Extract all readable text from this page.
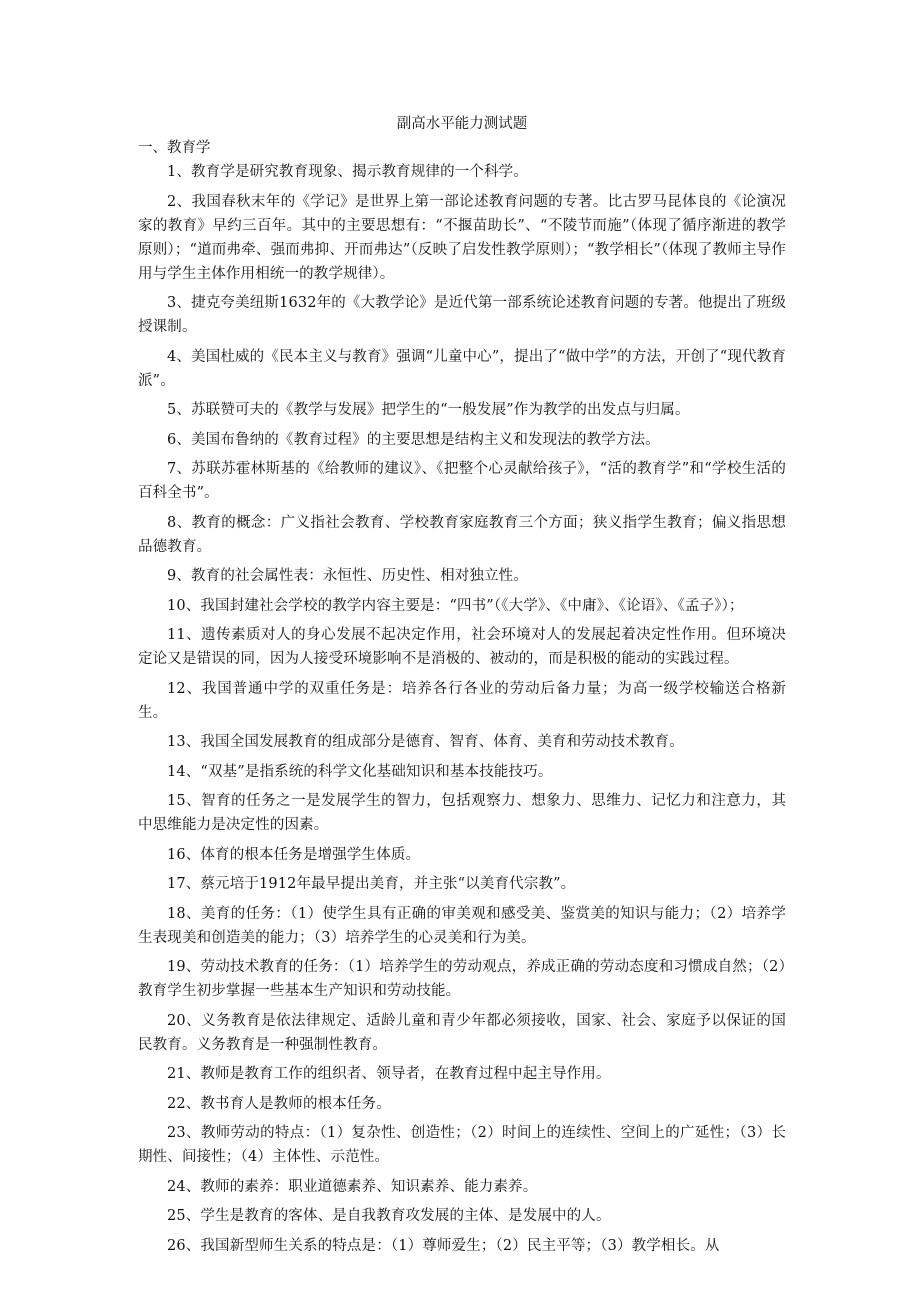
副高水平能力测试题

一、教育学

1、教育学是研究教育现象、揭示教育规律的一个科学。

2、我国春秋末年的《学记》是世界上第一部论述教育问题的专著。比古罗马昆体良的《论演况家的教育》早约三百年。其中的主要思想有：“不揠苗助长”、“不陵节而施”（体现了循序渐进的教学原则）；“道而弗牵、强而弗抑、开而弗达”（反映了启发性教学原则）；“教学相长”（体现了教师主导作用与学生主体作用相统一的教学规律）。

3、捷克夸美纽斯1632年的《大教学论》是近代第一部系统论述教育问题的专著。他提出了班级授课制。

4、美国杜威的《民本主义与教育》强调“儿童中心”，提出了“做中学”的方法，开创了“现代教育派”。

5、苏联赞可夫的《教学与发展》把学生的“一般发展”作为教学的出发点与归属。

6、美国布鲁纳的《教育过程》的主要思想是结构主义和发现法的教学方法。

7、苏联苏霍林斯基的《给教师的建议》、《把整个心灵献给孩子》，“活的教育学”和“学校生活的百科全书”。

8、教育的概念：广义指社会教育、学校教育家庭教育三个方面；狭义指学生教育；偏义指思想品德教育。

9、教育的社会属性表：永恒性、历史性、相对独立性。

10、我国封建社会学校的教学内容主要是：“四书”（《大学》、《中庸》、《论语》、《孟子》）；

11、遗传素质对人的身心发展不起决定作用，社会环境对人的发展起着决定性作用。但环境决定论又是错误的同，因为人接受环境影响不是消极的、被动的，而是积极的能动的实践过程。

12、我国普通中学的双重任务是：培养各行各业的劳动后备力量；为高一级学校输送合格新生。

13、我国全国发展教育的组成部分是德育、智育、体育、美育和劳动技术教育。

14、“双基”是指系统的科学文化基础知识和基本技能技巧。

15、智育的任务之一是发展学生的智力，包括观察力、想象力、思维力、记忆力和注意力，其中思维能力是决定性的因素。

16、体育的根本任务是增强学生体质。

17、蔡元培于1912年最早提出美育，并主张“以美育代宗教”。

18、美育的任务：（1）使学生具有正确的审美观和感受美、鉴赏美的知识与能力；（2）培养学生表现美和创造美的能力；（3）培养学生的心灵美和行为美。

19、劳动技术教育的任务：（1）培养学生的劳动观点，养成正确的劳动态度和习惯成自然；（2）教育学生初步掌握一些基本生产知识和劳动技能。

20、义务教育是依法律规定、适龄儿童和青少年都必须接收，国家、社会、家庭予以保证的国民教育。义务教育是一种强制性教育。

21、教师是教育工作的组织者、领导者，在教育过程中起主导作用。

22、教书育人是教师的根本任务。

23、教师劳动的特点：（1）复杂性、创造性；（2）时间上的连续性、空间上的广延性；（3）长期性、间接性；（4）主体性、示范性。

24、教师的素养：职业道德素养、知识素养、能力素养。

25、学生是教育的客体、是自我教育攻发展的主体、是发展中的人。

26、我国新型师生关系的特点是：（1）尊师爱生；（2）民主平等；（3）教学相长。从
